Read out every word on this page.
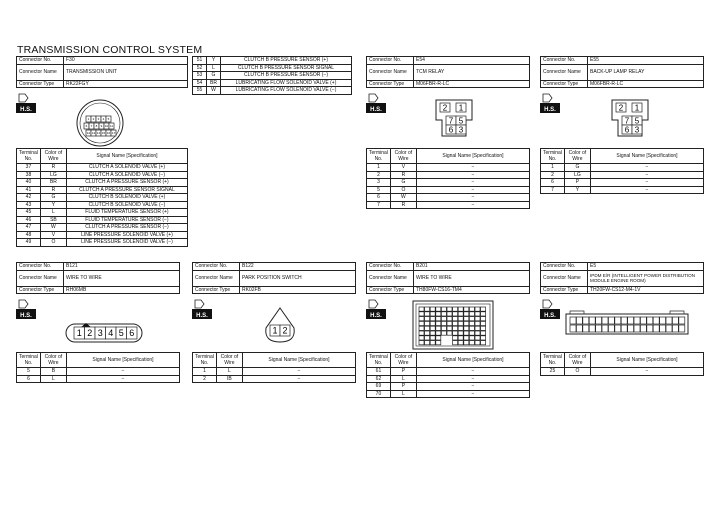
TRANSMISSION CONTROL SYSTEM
Connector No.	F30
Connector Name	TRANSMISSION UNIT
Connector Type	RK22FGY
51	Y	CLUTCH B PRESSURE SENSOR (+)
52	L	CLUTCH B PRESSURE SENSOR SIGNAL
53	G	CLUTCH B PRESSURE SENSOR (−)
54	BR	LUBRICATING FLOW SOLENOID VALVE (+)
55	W	LUBRICATING FLOW SOLENOID VALVE (−)
H.S.
1 2 3 4 5
6 7 8 9 10 11
12 13 14 15 16 17
Terminal No.	Color of Wire	Signal Name [Specification]
37	R	CLUTCH A SOLENOID VALVE (+)
38	LG	CLUTCH A SOLENOID VALVE (−)
40	BR	CLUTCH A PRESSURE SENSOR (+)
41	R	CLUTCH A PRESSURE SENSOR SIGNAL
42	G	CLUTCH B SOLENOID VALVE (+)
43	Y	CLUTCH B SOLENOID VALVE (−)
45	L	FLUID TEMPERATURE SENSOR (+)
46	SB	FLUID TEMPERATURE SENSOR (−)
47	W	CLUTCH A PRESSURE SENSOR (−)
48	V	LINE PRESSURE SOLENOID VALVE (+)
49	O	LINE PRESSURE SOLENOID VALVE (−)
Connector No.	E54
Connector Name	TCM RELAY
Connector Type	M06FBR-R-LC
H.S.	2 1
7 5
6 3
Terminal No.	Color of Wire	Signal Name [Specification]
1	V	−
2	R	−
3	G	−
5	O	−
6	W	−
7	R	−
Connector No.	E55
Connector Name	BACK-UP LAMP RELAY
Connector Type	M06FBR-R-LC
H.S.	2 1
7 5
6 3
Terminal No.	Color of Wire	Signal Name [Specification]
1	G	−
2	LG	−
6	P	−
7	Y	−
Connector No.	B121
Connector Name	WIRE TO WIRE
Connector Type	RH06MB
H.S.
1 2 3 4 5 6
Terminal No.	Color of Wire	Signal Name [Specification]
5	B	−
6	L	−
Connector No.	B122
Connector Name	PARK POSITION SWITCH
Connector Type	RK02FB
H.S.
1 2
Terminal No.	Color of Wire	Signal Name [Specification]
1	L	−
2	IB	−
Connector No.	B201
Connector Name	WIRE TO WIRE
Connector Type	TH80FW-CS16-TM4
H.S.
Terminal No.	Color of Wire	Signal Name [Specification]
61	P	−
62	L	−
69	P	−
70	L	−
Connector No.	E5
Connector Name	IPDM E/R (INTELLIGENT POWER DISTRIBUTION MODULE ENGINE ROOM)
Connector Type	TH20FW-CS12-M4-1V
H.S.
Terminal No.	Color of Wire	Signal Name [Specification]
25	O	−
